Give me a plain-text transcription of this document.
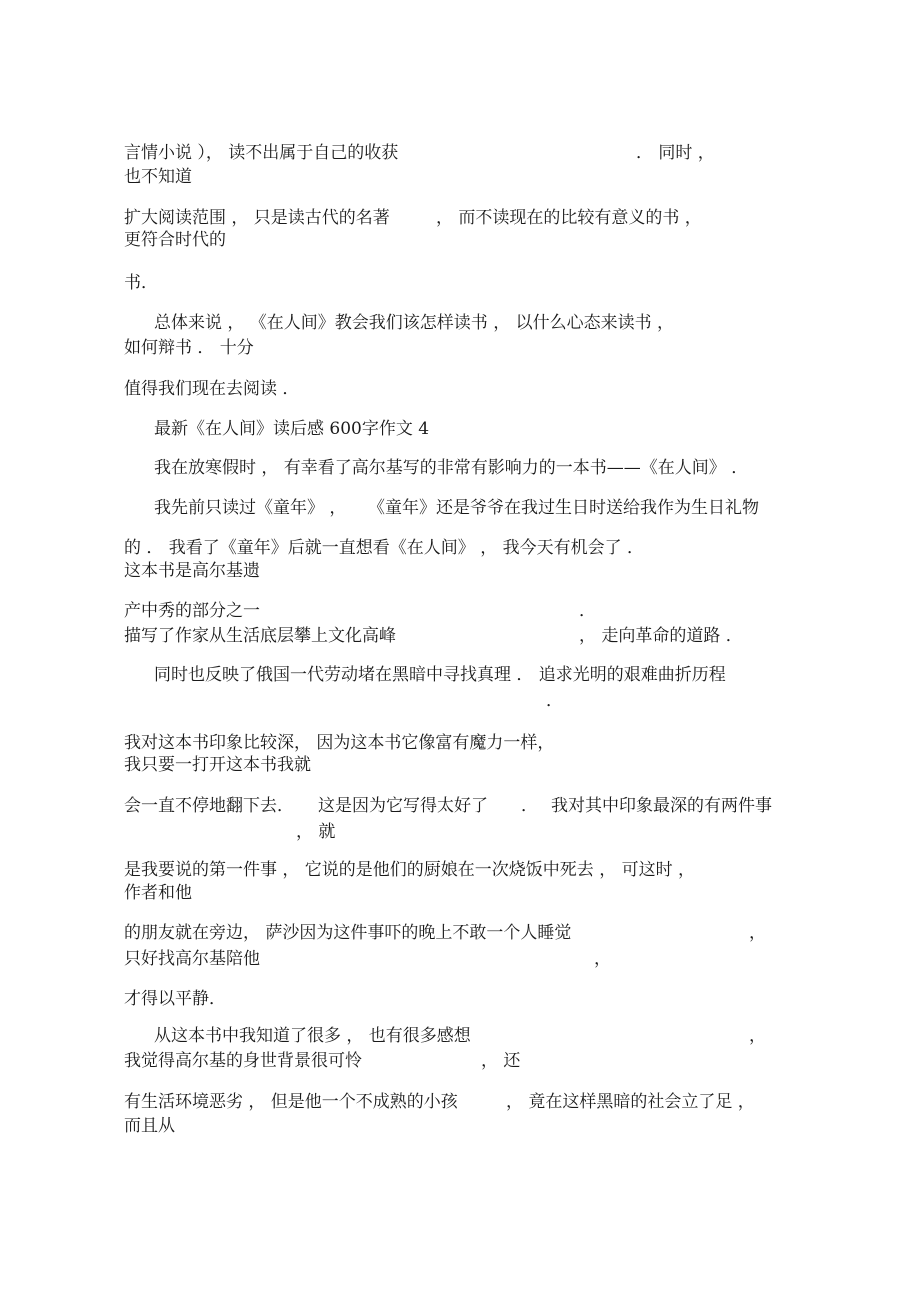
言情小说 ）， 读不出属于自己的收获	． 同时 ，
也不知道
扩大阅读范围 ， 只是读古代的名著	， 而不读现在的比较有意义的书 ，
更符合时代的
书．
总体来说 ， 《在人间》教会我们该怎样读书 ， 以什么心态来读书 ，
如何辩书 ． 十分
值得我们现在去阅读 ．
最新《在人间》读后感 600字作文 4
我在放寒假时 ， 有幸看了高尔基写的非常有影响力的一本书——《在人间》 ．
我先前只读过《童年》 ， 《童年》还是爷爷在我过生日时送给我作为生日礼物
的 ． 我看了《童年》后就一直想看《在人间》 ， 我今天有机会了 ．
这本书是高尔基遗
产中秀的部分之一	．
描写了作家从生活底层攀上文化高峰	， 走向革命的道路 ．
同时也反映了俄国一代劳动堵在黑暗中寻找真理 ． 追求光明的艰难曲折历程
．
我对这本书印象比较深， 因为这本书它像富有魔力一样，
我只要一打开这本书我就
会一直不停地翻下去． 这是因为它写得太好了 ． 我对其中印象最深的有两件事
， 就
是我要说的第一件事 ， 它说的是他们的厨娘在一次烧饭中死去 ， 可这时 ，
作者和他
的朋友就在旁边， 萨沙因为这件事吓的晚上不敢一个人睡觉	，
只好找高尔基陪他	，
才得以平静．
从这本书中我知道了很多 ， 也有很多感想	，
我觉得高尔基的身世背景很可怜	， 还
有生活环境恶劣 ， 但是他一个不成熟的小孩	， 竟在这样黑暗的社会立了足 ，
而且从
